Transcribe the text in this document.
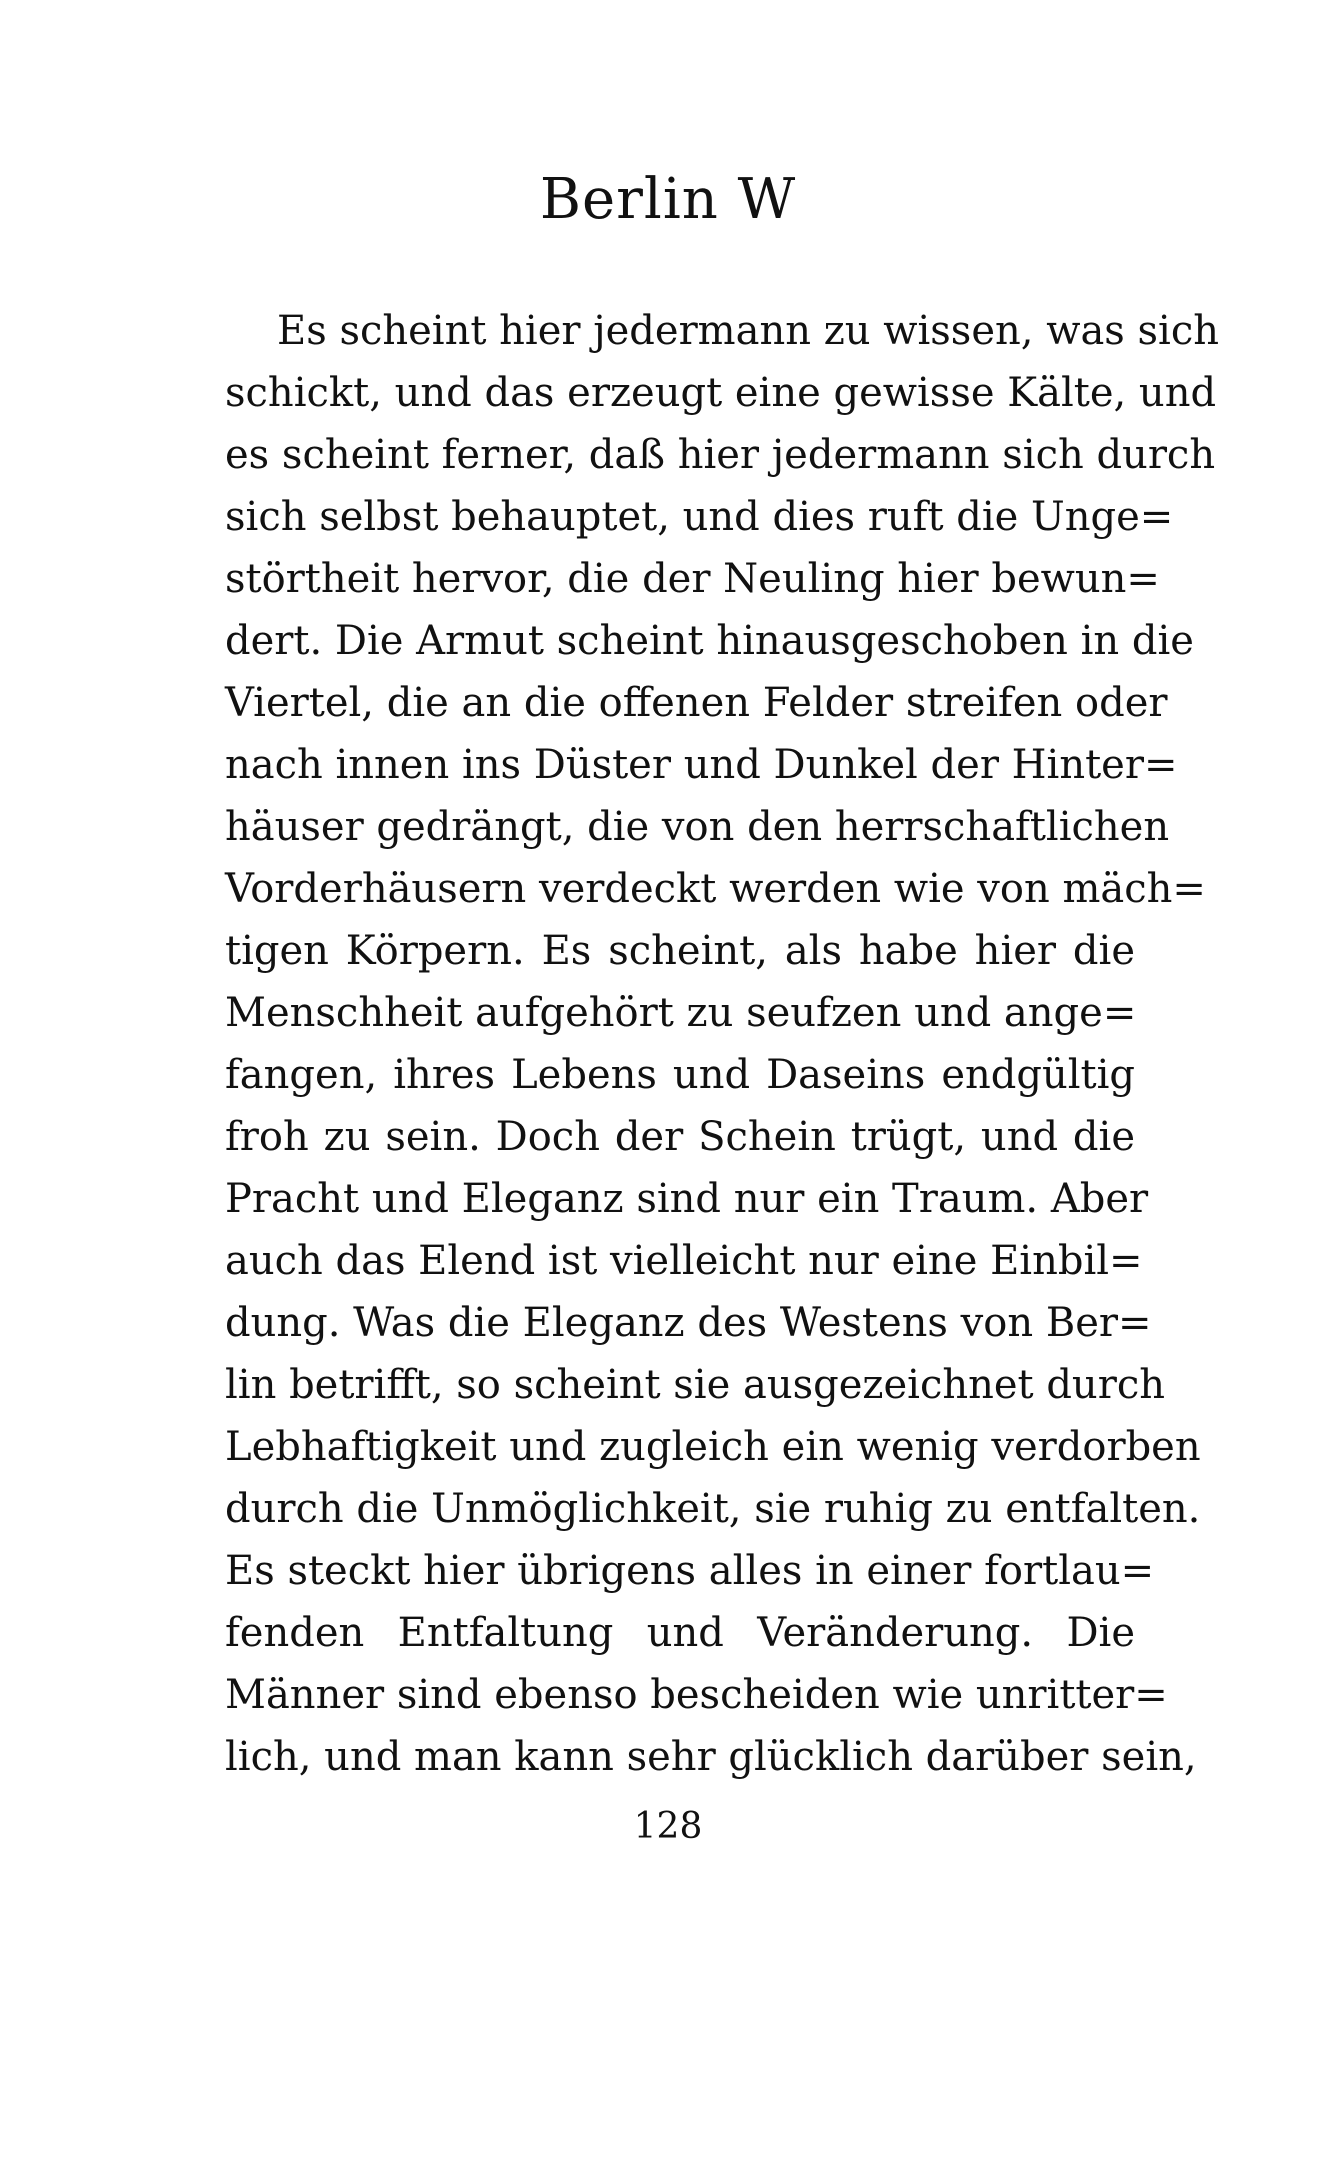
Berlin W
Es scheint hier jedermann zu wissen, was sich
schickt, und das erzeugt eine gewisse Kälte, und
es scheint ferner, daß hier jedermann sich durch
sich selbst behauptet, und dies ruft die Unge=
störtheit hervor, die der Neuling hier bewun=
dert. Die Armut scheint hinausgeschoben in die
Viertel, die an die offenen Felder streifen oder
nach innen ins Düster und Dunkel der Hinter=
häuser gedrängt, die von den herrschaftlichen
Vorderhäusern verdeckt werden wie von mäch=
tigen Körpern. Es scheint, als habe hier die
Menschheit aufgehört zu seufzen und ange=
fangen, ihres Lebens und Daseins endgültig
froh zu sein. Doch der Schein trügt, und die
Pracht und Eleganz sind nur ein Traum. Aber
auch das Elend ist vielleicht nur eine Einbil=
dung. Was die Eleganz des Westens von Ber=
lin betrifft, so scheint sie ausgezeichnet durch
Lebhaftigkeit und zugleich ein wenig verdorben
durch die Unmöglichkeit, sie ruhig zu entfalten.
Es steckt hier übrigens alles in einer fortlau=
fenden Entfaltung und Veränderung. Die
Männer sind ebenso bescheiden wie unritter=
lich, und man kann sehr glücklich darüber sein,
128
